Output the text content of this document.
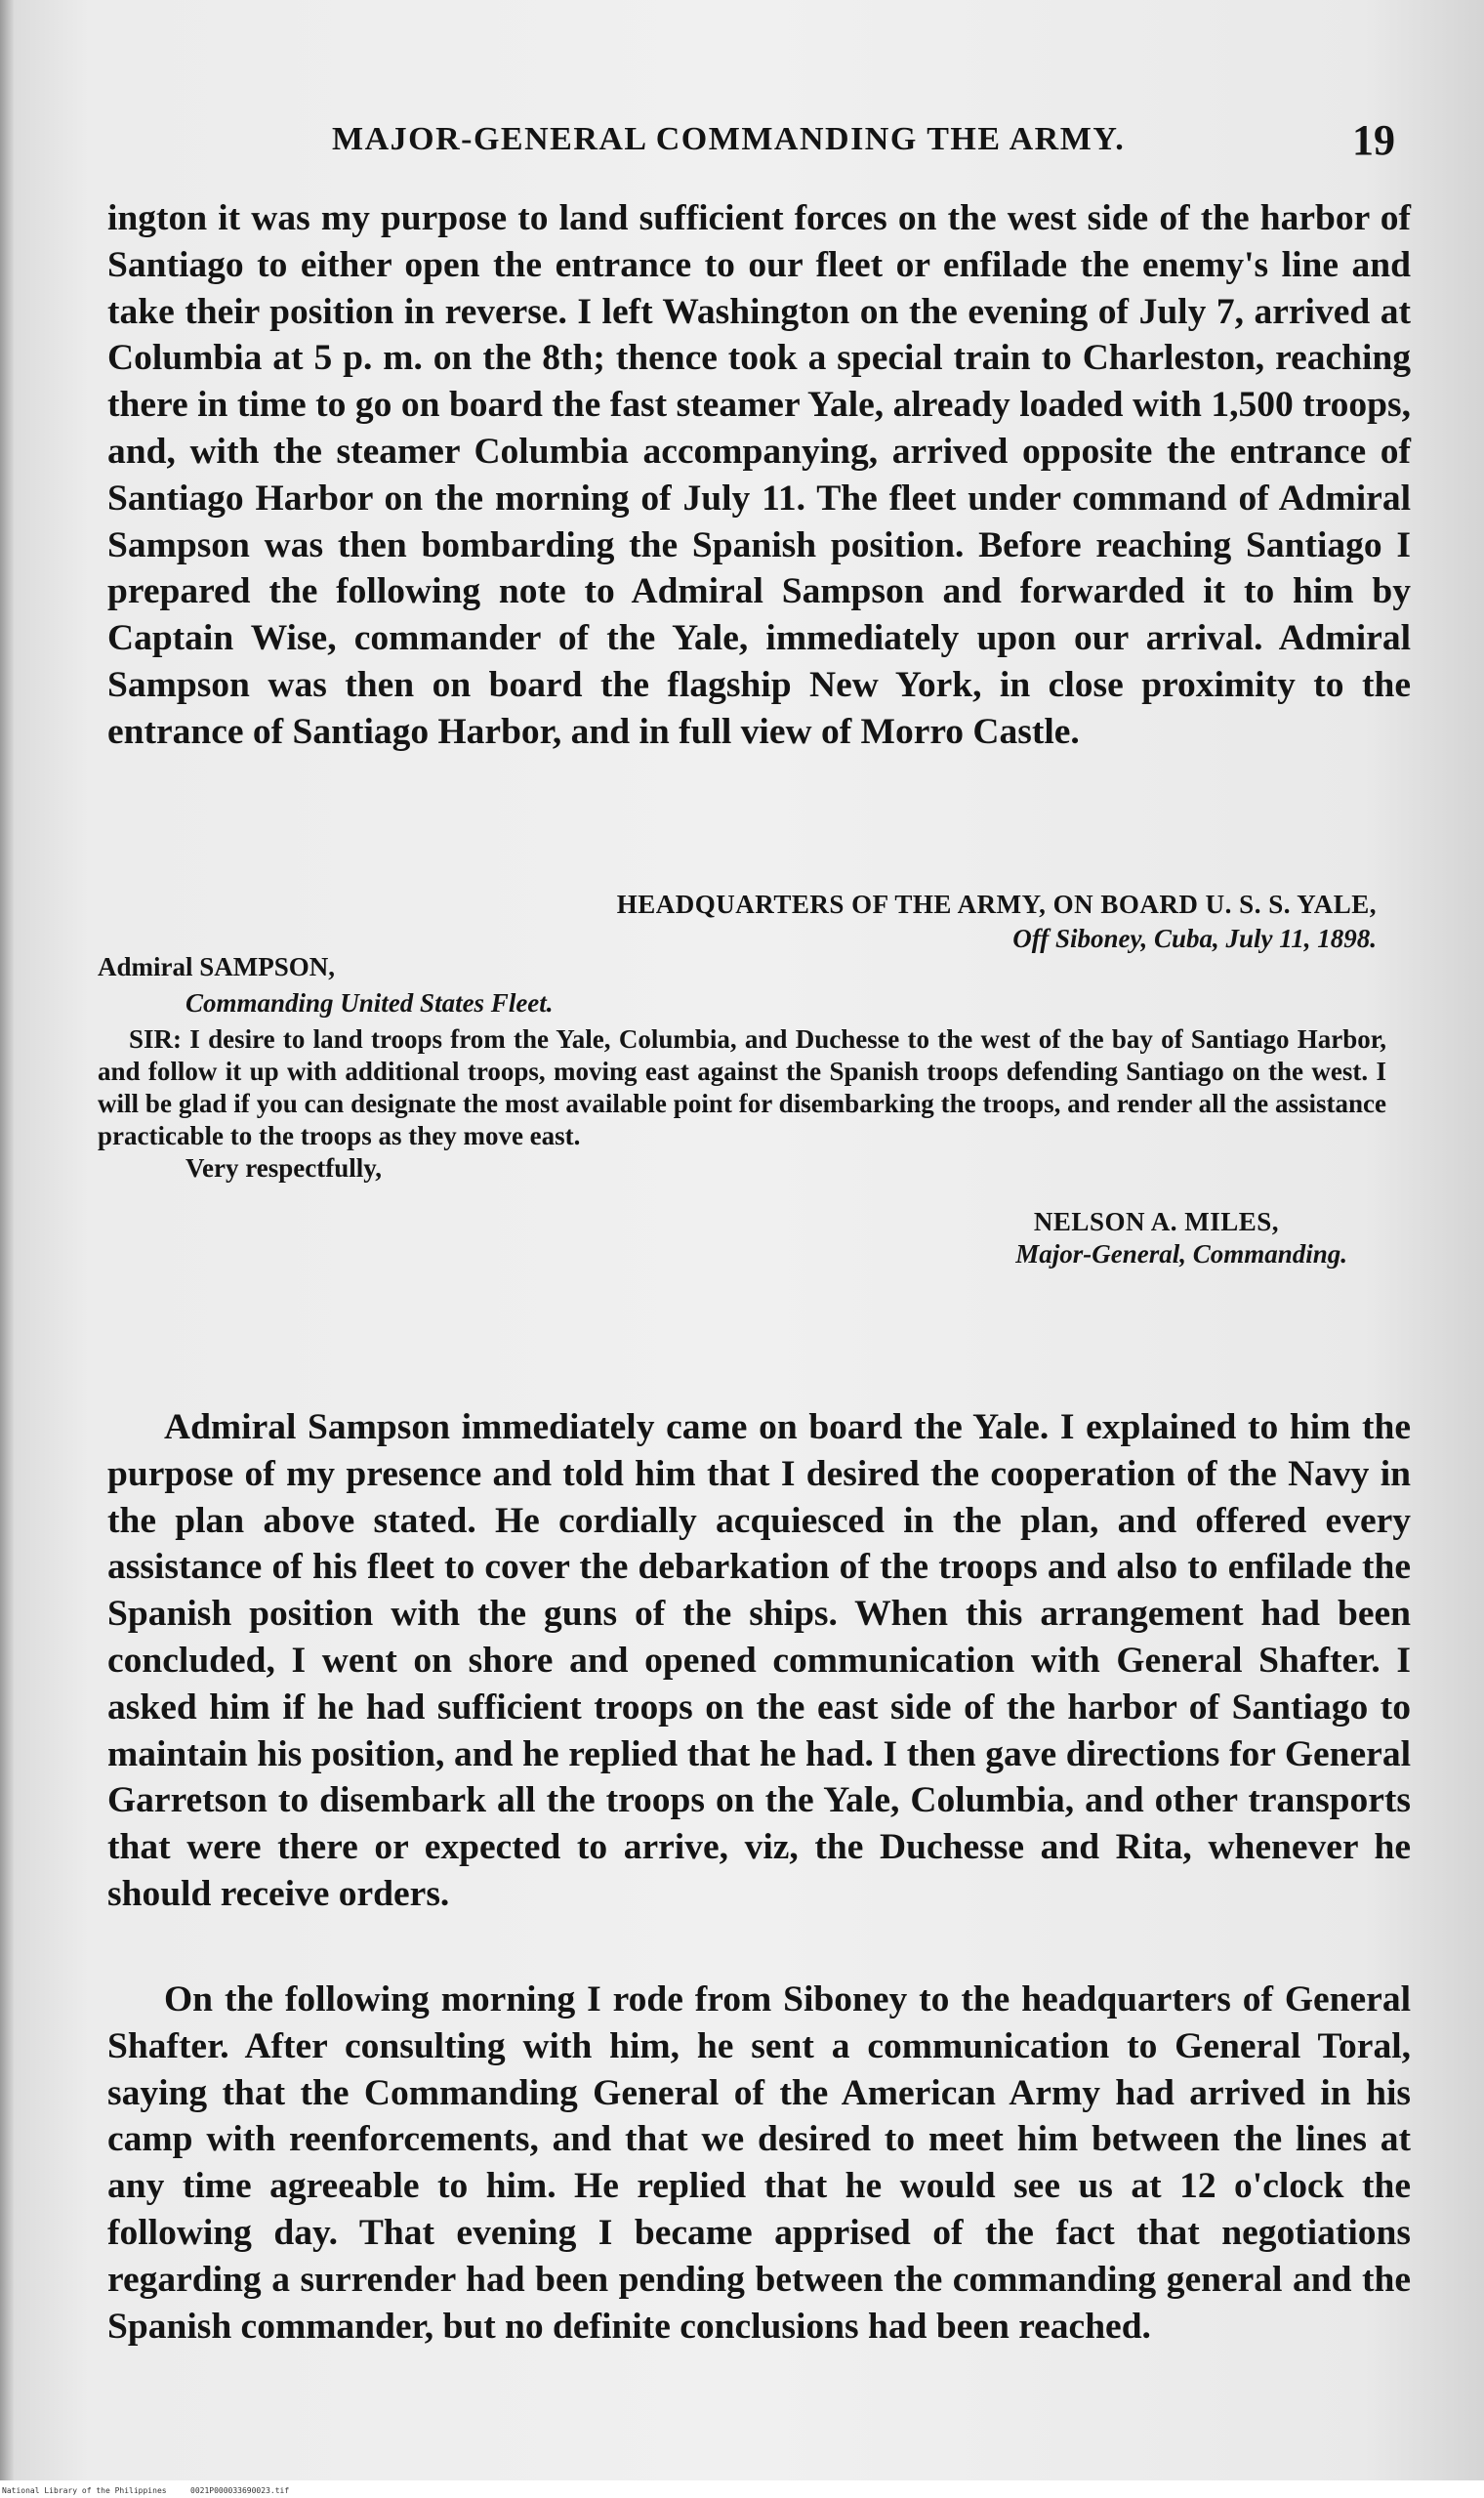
MAJOR-GENERAL COMMANDING THE ARMY.	19

ington it was my purpose to land sufficient forces on the west side of the harbor of Santiago to either open the entrance to our fleet or enfilade the enemy's line and take their position in reverse. I left Washington on the evening of July 7, arrived at Columbia at 5 p. m. on the 8th; thence took a special train to Charleston, reaching there in time to go on board the fast steamer Yale, already loaded with 1,500 troops, and, with the steamer Columbia accompanying, arrived opposite the entrance of Santiago Harbor on the morning of July 11. The fleet under command of Admiral Sampson was then bombarding the Spanish position. Before reaching Santiago I prepared the following note to Admiral Sampson and forwarded it to him by Captain Wise, commander of the Yale, immediately upon our arrival. Admiral Sampson was then on board the flagship New York, in close proximity to the entrance of Santiago Harbor, and in full view of Morro Castle.

HEADQUARTERS OF THE ARMY, ON BOARD U. S. S. YALE,
Off Siboney, Cuba, July 11, 1898.
Admiral SAMPSON,
Commanding United States Fleet.
SIR: I desire to land troops from the Yale, Columbia, and Duchesse to the west of the bay of Santiago Harbor, and follow it up with additional troops, moving east against the Spanish troops defending Santiago on the west. I will be glad if you can designate the most available point for disembarking the troops, and render all the assistance practicable to the troops as they move east.
Very respectfully,
NELSON A. MILES,
Major-General, Commanding.

Admiral Sampson immediately came on board the Yale. I explained to him the purpose of my presence and told him that I desired the cooperation of the Navy in the plan above stated. He cordially acquiesced in the plan, and offered every assistance of his fleet to cover the debarkation of the troops and also to enfilade the Spanish position with the guns of the ships. When this arrangement had been concluded, I went on shore and opened communication with General Shafter. I asked him if he had sufficient troops on the east side of the harbor of Santiago to maintain his position, and he replied that he had. I then gave directions for General Garretson to disembark all the troops on the Yale, Columbia, and other transports that were there or expected to arrive, viz, the Duchesse and Rita, whenever he should receive orders.

On the following morning I rode from Siboney to the headquarters of General Shafter. After consulting with him, he sent a communication to General Toral, saying that the Commanding General of the American Army had arrived in his camp with reenforcements, and that we desired to meet him between the lines at any time agreeable to him. He replied that he would see us at 12 o'clock the following day. That evening I became apprised of the fact that negotiations regarding a surrender had been pending between the commanding general and the Spanish commander, but no definite conclusions had been reached.

National Library of the Philippines	0021P000033690023.tif
